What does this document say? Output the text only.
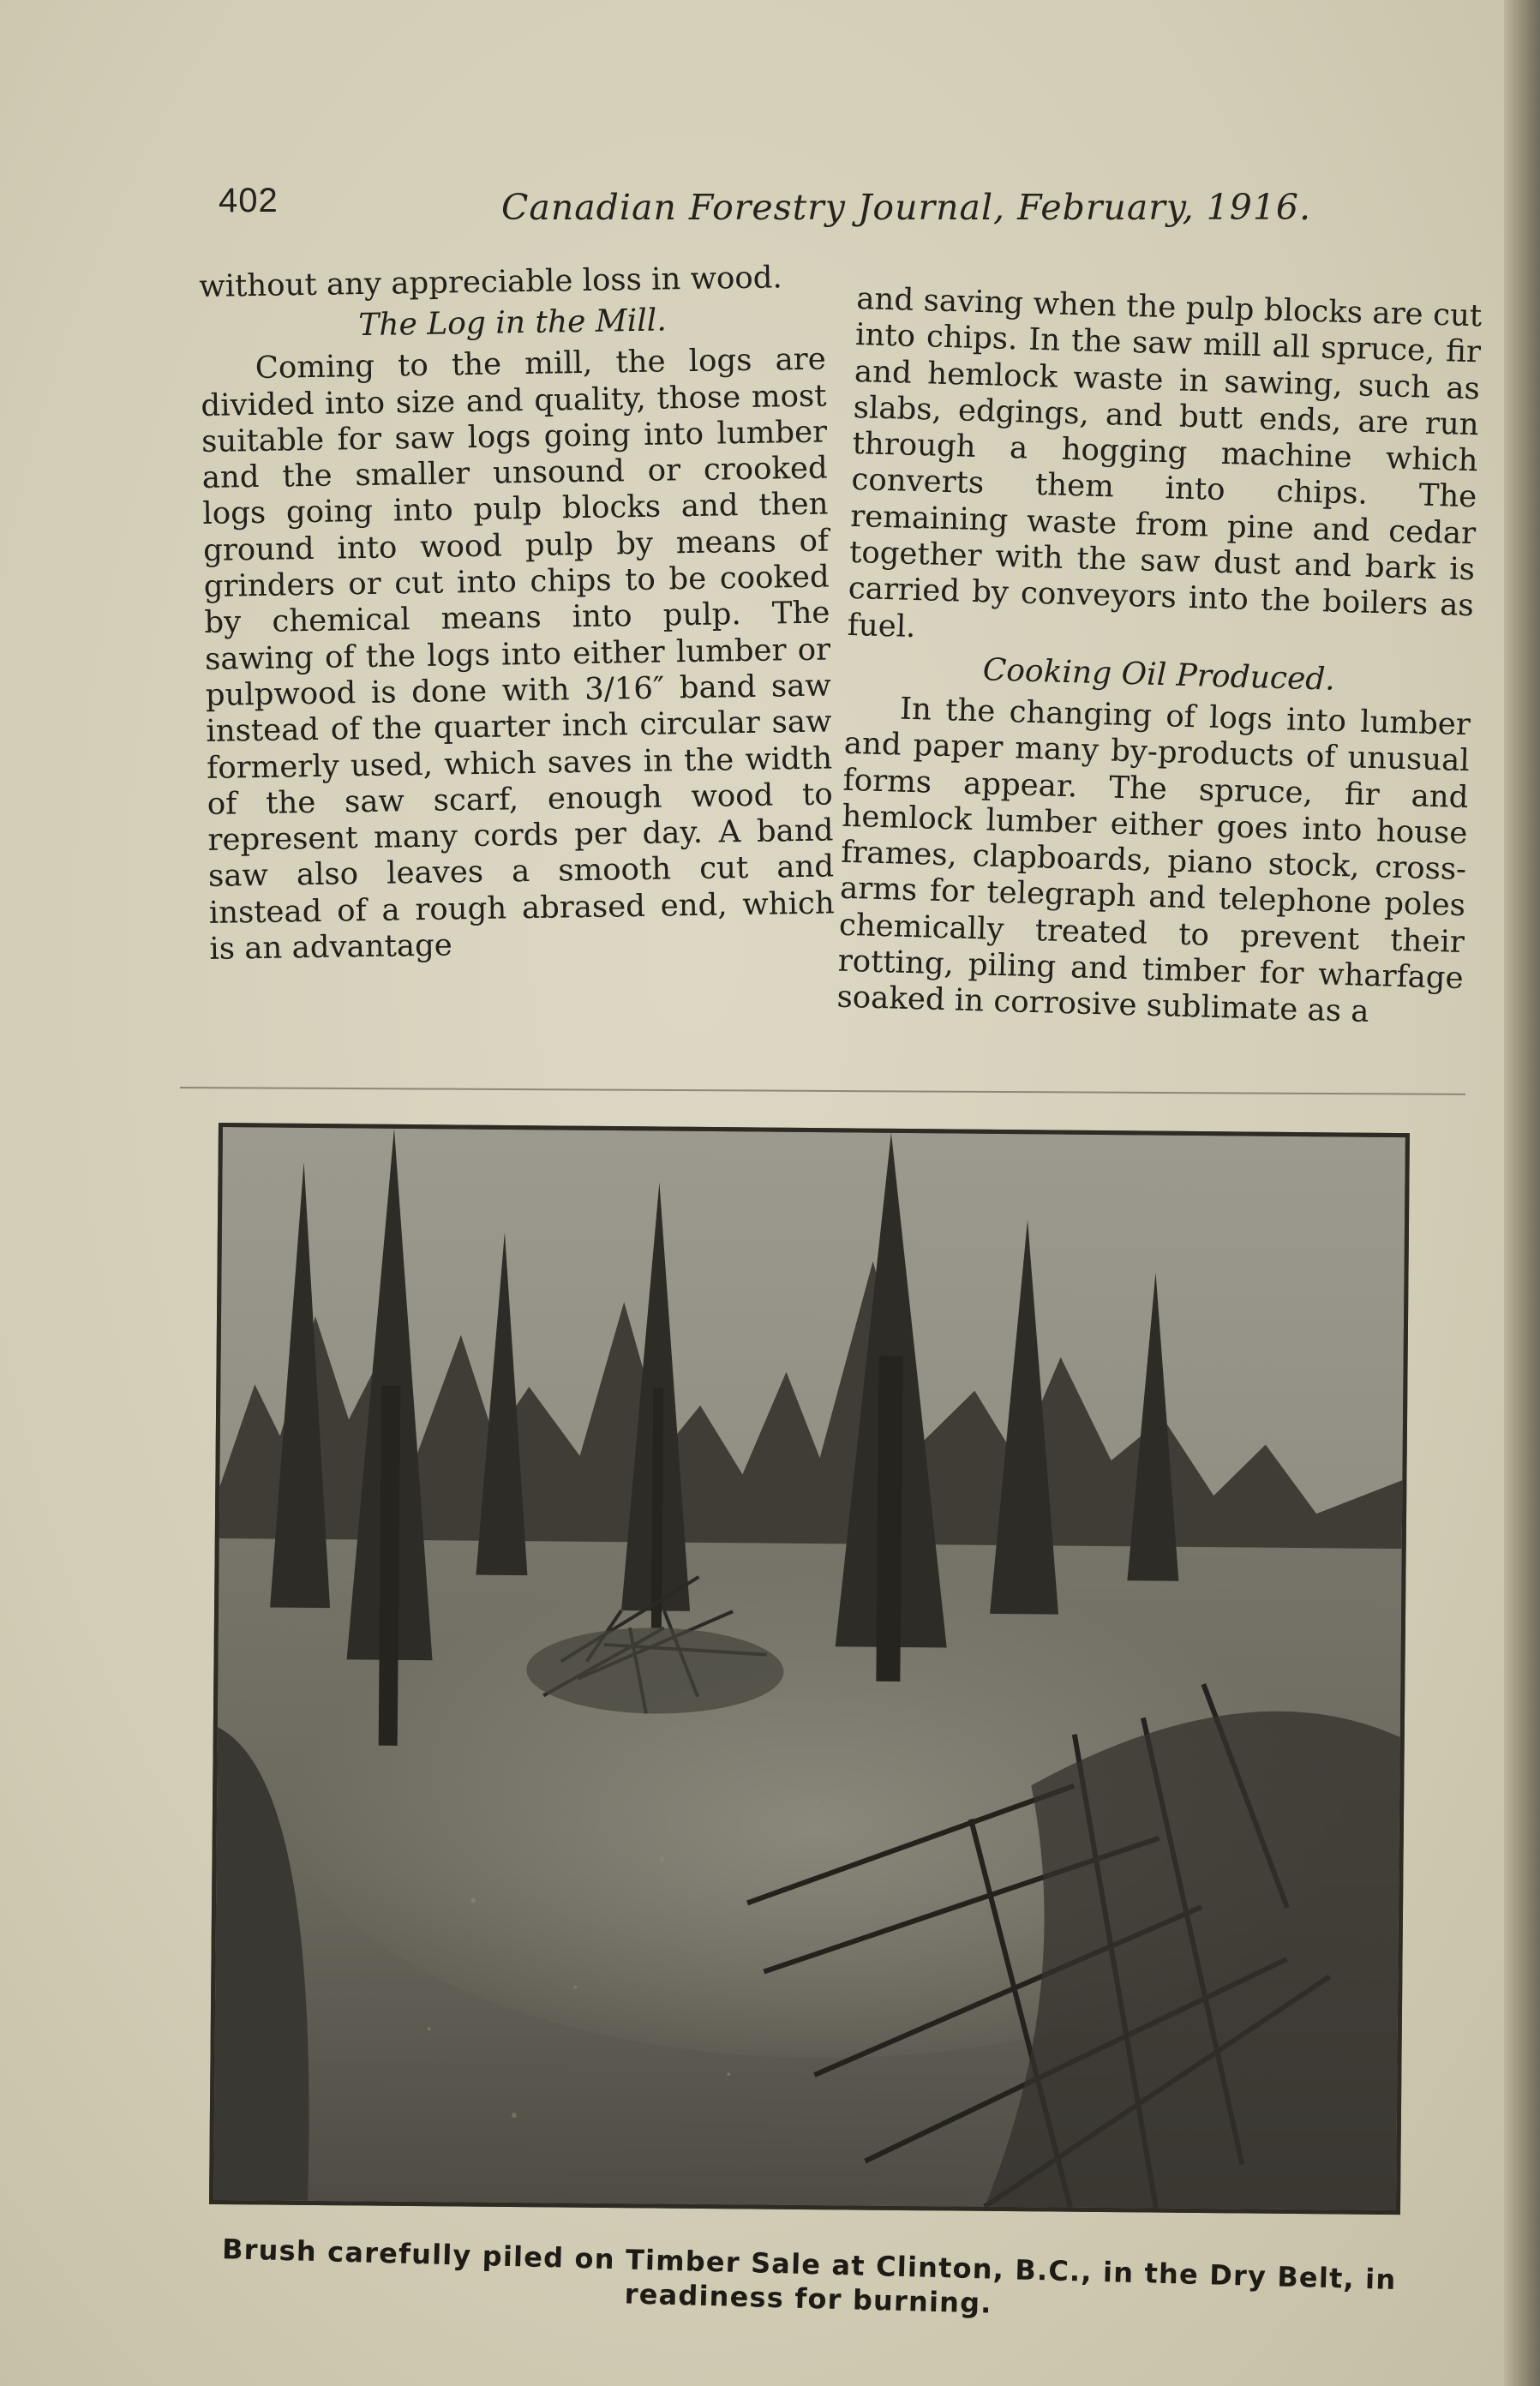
402	Canadian Forestry Journal, February, 1916.

without any appreciable loss in wood.

The Log in the Mill.

Coming to the mill, the logs are divided into size and quality, those most suitable for saw logs going into lumber and the smaller unsound or crooked logs going into pulp blocks and then ground into wood pulp by means of grinders or cut into chips to be cooked by chemical means into pulp. The sawing of the logs into either lumber or pulpwood is done with 3/16″ band saw instead of the quarter inch circular saw formerly used, which saves in the width of the saw scarf, enough wood to represent many cords per day. A band saw also leaves a smooth cut and instead of a rough abrased end, which is an advantage

and saving when the pulp blocks are cut into chips. In the saw mill all spruce, fir and hemlock waste in sawing, such as slabs, edgings, and butt ends, are run through a hogging machine which converts them into chips. The remaining waste from pine and cedar together with the saw dust and bark is carried by conveyors into the boilers as fuel.

Cooking Oil Produced.

In the changing of logs into lumber and paper many by-products of unusual forms appear. The spruce, fir and hemlock lumber either goes into house frames, clapboards, piano stock, cross-arms for telegraph and telephone poles chemically treated to prevent their rotting, piling and timber for wharfage soaked in corrosive sublimate as a

Brush carefully piled on Timber Sale at Clinton, B.C., in the Dry Belt, in readiness for burning.
